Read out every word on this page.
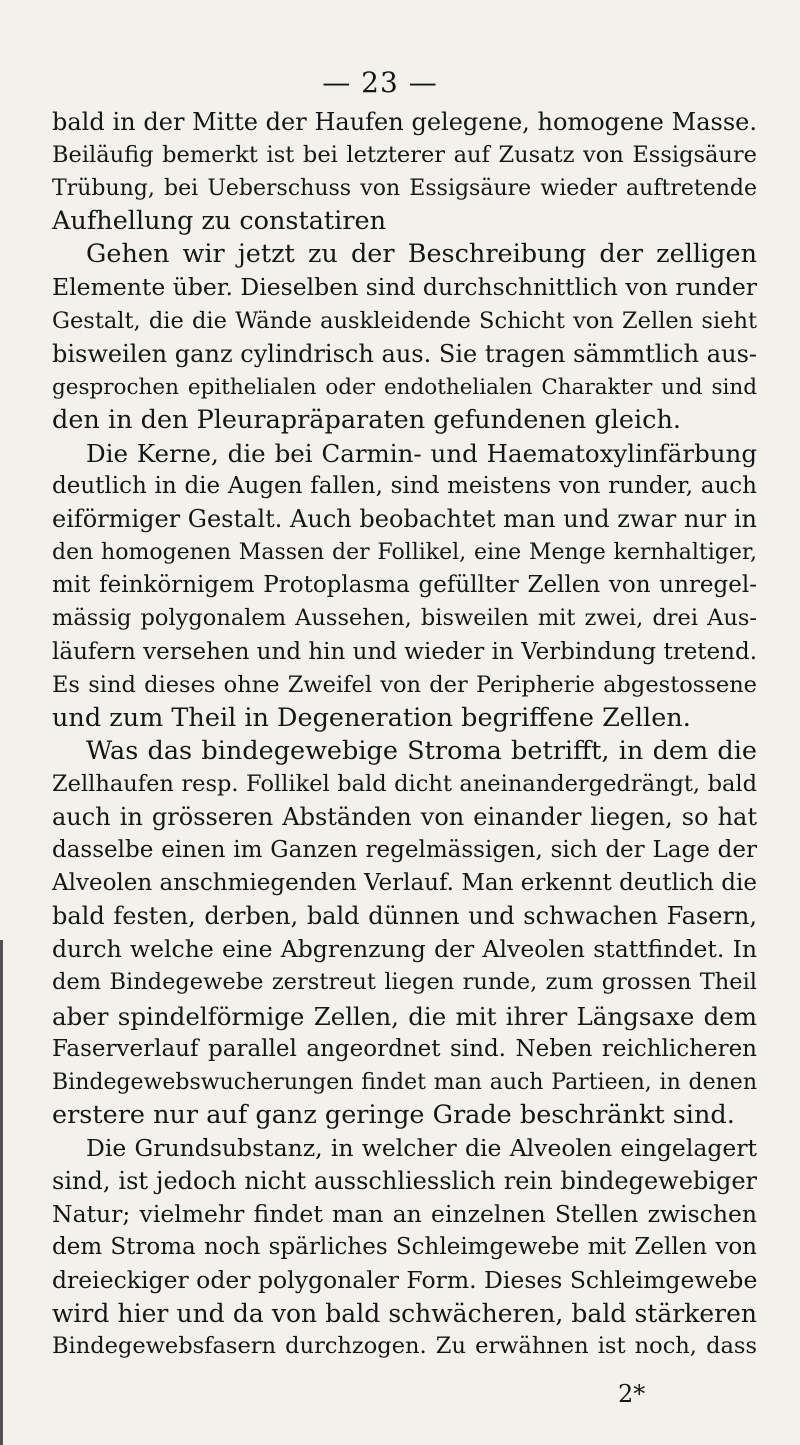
— 23 —
bald in der Mitte der Haufen gelegene, homogene Masse.
Beiläufig bemerkt ist bei letzterer auf Zusatz von Essigsäure
Trübung, bei Ueberschuss von Essigsäure wieder auftretende
Aufhellung zu constatiren
Gehen wir jetzt zu der Beschreibung der zelligen
Elemente über. Dieselben sind durchschnittlich von runder
Gestalt, die die Wände auskleidende Schicht von Zellen sieht
bisweilen ganz cylindrisch aus. Sie tragen sämmtlich aus-
gesprochen epithelialen oder endothelialen Charakter und sind
den in den Pleurapräparaten gefundenen gleich.
Die Kerne, die bei Carmin- und Haematoxylinfärbung
deutlich in die Augen fallen, sind meistens von runder, auch
eiförmiger Gestalt. Auch beobachtet man und zwar nur in
den homogenen Massen der Follikel, eine Menge kernhaltiger,
mit feinkörnigem Protoplasma gefüllter Zellen von unregel-
mässig polygonalem Aussehen, bisweilen mit zwei, drei Aus-
läufern versehen und hin und wieder in Verbindung tretend.
Es sind dieses ohne Zweifel von der Peripherie abgestossene
und zum Theil in Degeneration begriffene Zellen.
Was das bindegewebige Stroma betrifft, in dem die
Zellhaufen resp. Follikel bald dicht aneinandergedrängt, bald
auch in grösseren Abständen von einander liegen, so hat
dasselbe einen im Ganzen regelmässigen, sich der Lage der
Alveolen anschmiegenden Verlauf. Man erkennt deutlich die
bald festen, derben, bald dünnen und schwachen Fasern,
durch welche eine Abgrenzung der Alveolen stattfindet. In
dem Bindegewebe zerstreut liegen runde, zum grossen Theil
aber spindelförmige Zellen, die mit ihrer Längsaxe dem
Faserverlauf parallel angeordnet sind. Neben reichlicheren
Bindegewebswucherungen findet man auch Partieen, in denen
erstere nur auf ganz geringe Grade beschränkt sind.
Die Grundsubstanz, in welcher die Alveolen eingelagert
sind, ist jedoch nicht ausschliesslich rein bindegewebiger
Natur; vielmehr findet man an einzelnen Stellen zwischen
dem Stroma noch spärliches Schleimgewebe mit Zellen von
dreieckiger oder polygonaler Form. Dieses Schleimgewebe
wird hier und da von bald schwächeren, bald stärkeren
Bindegewebsfasern durchzogen. Zu erwähnen ist noch, dass
2*
